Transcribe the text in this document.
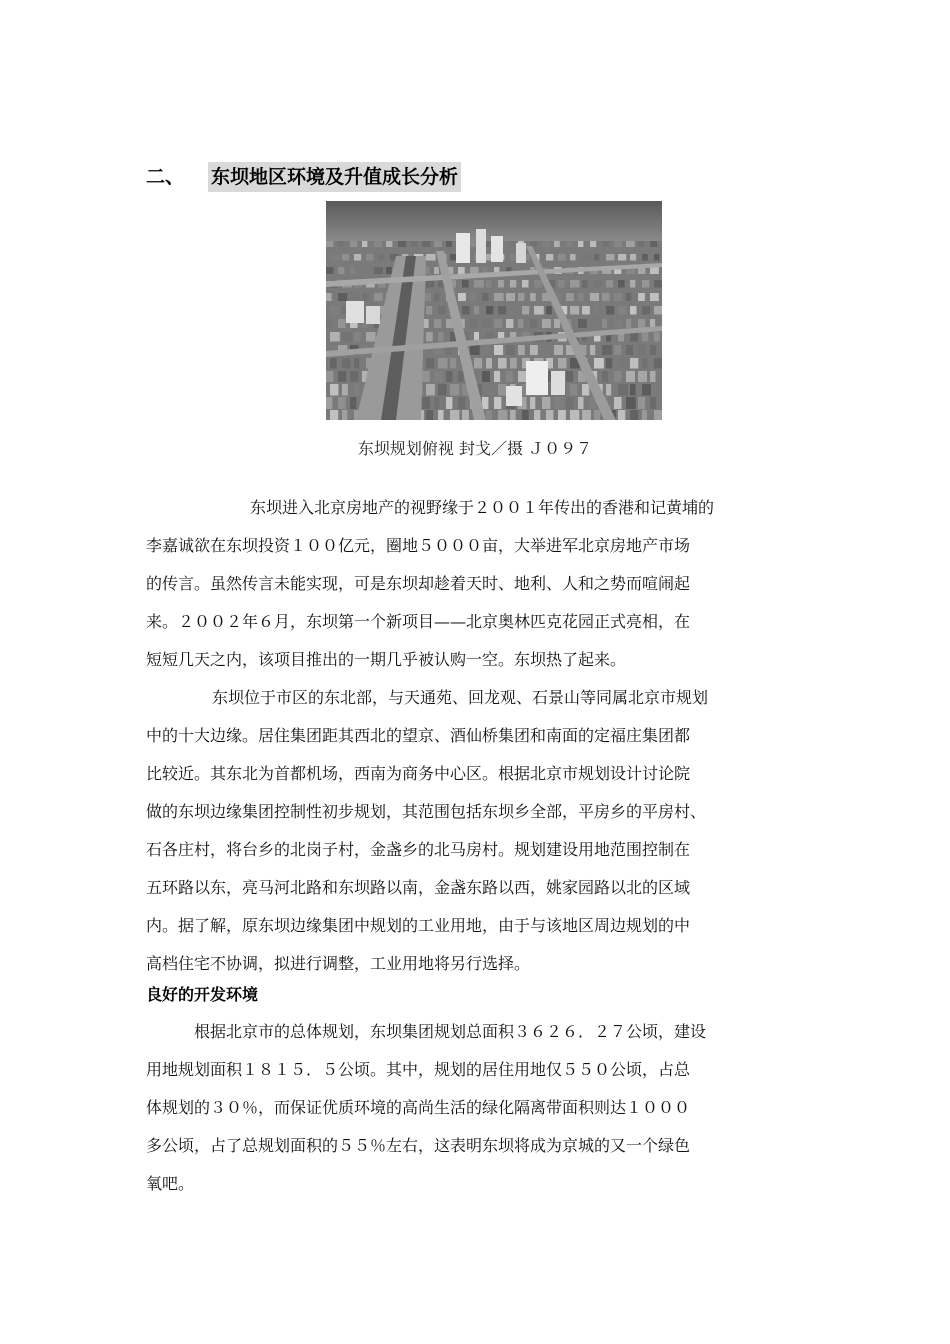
二、 东坝地区环境及升值成长分析
东坝规划俯视 封戈／摄 Ｊ０９７
东坝进入北京房地产的视野缘于２００１年传出的香港和记黄埔的
李嘉诚欲在东坝投资１００亿元，圈地５０００亩，大举进军北京房地产市场
的传言。虽然传言未能实现，可是东坝却趁着天时、地利、人和之势而喧闹起
来。２００２年６月，东坝第一个新项目——北京奥林匹克花园正式亮相，在
短短几天之内，该项目推出的一期几乎被认购一空。东坝热了起来。
东坝位于市区的东北部，与天通苑、回龙观、石景山等同属北京市规划
中的十大边缘。居住集团距其西北的望京、酒仙桥集团和南面的定福庄集团都
比较近。其东北为首都机场，西南为商务中心区。根据北京市规划设计讨论院
做的东坝边缘集团控制性初步规划，其范围包括东坝乡全部，平房乡的平房村、
石各庄村，将台乡的北岗子村，金盏乡的北马房村。规划建设用地范围控制在
五环路以东，亮马河北路和东坝路以南，金盏东路以西，姚家园路以北的区域
内。据了解，原东坝边缘集团中规划的工业用地，由于与该地区周边规划的中
高档住宅不协调，拟进行调整，工业用地将另行选择。
良好的开发环境
根据北京市的总体规划，东坝集团规划总面积３６２６．２７公顷，建设
用地规划面积１８１５．５公顷。其中，规划的居住用地仅５５０公顷，占总
体规划的３０％，而保证优质环境的高尚生活的绿化隔离带面积则达１０００
多公顷，占了总规划面积的５５％左右，这表明东坝将成为京城的又一个绿色
氧吧。
